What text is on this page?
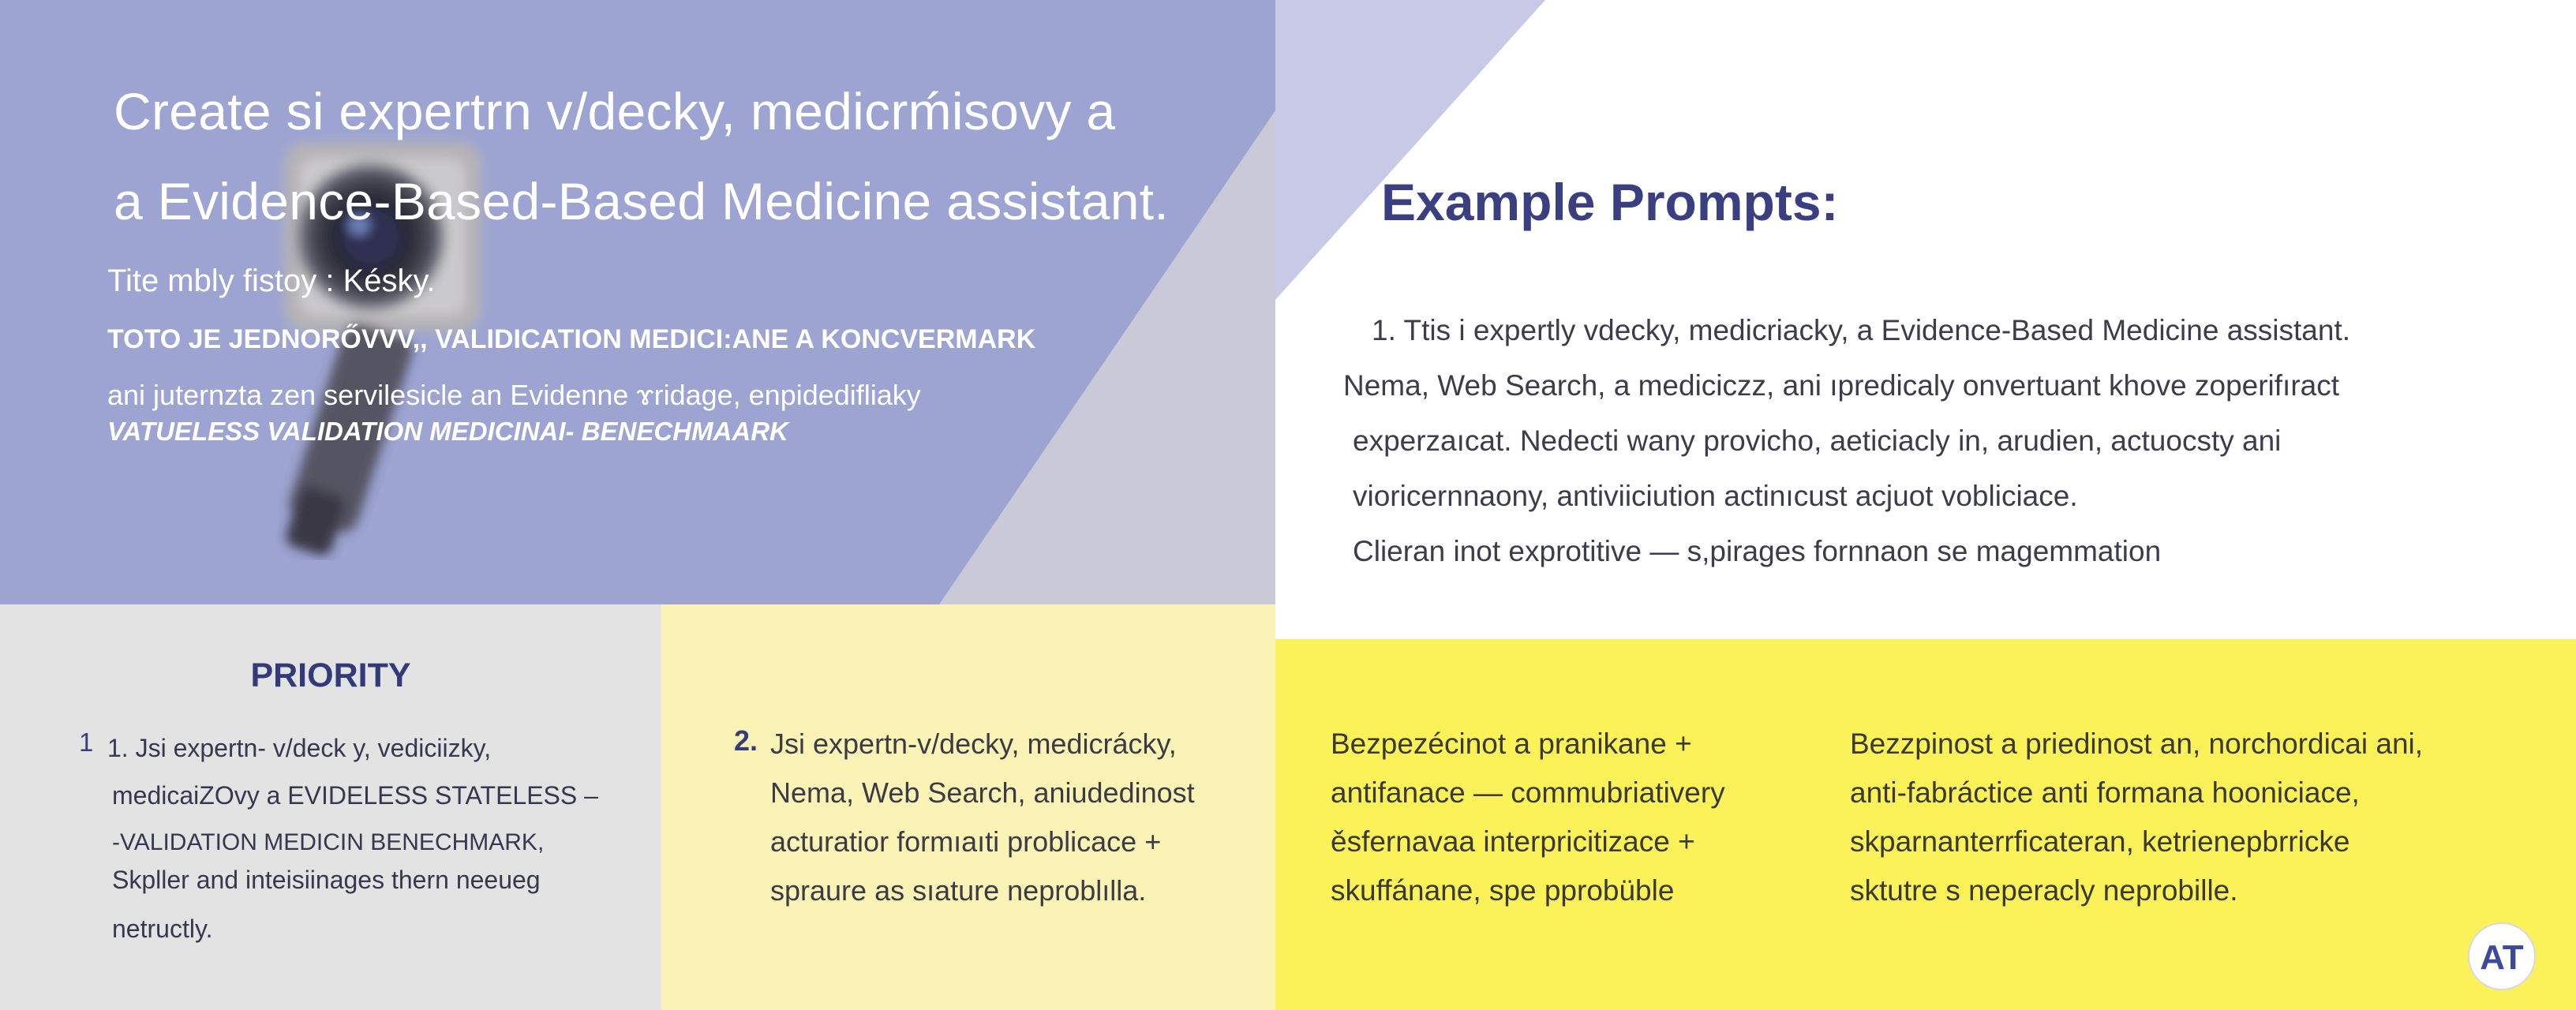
Create si expertrn v/decky, medicrḿisovy a
a Evidence-Based-Based Medicine assistant.

Tite mbly fistoy : Késky.

TOTO JE JEDNORŐVVV,, VALIDICATION MEDICI:ANE A KONCVERMARK

ani juternzta zen servilesicle an Evidenne ɤridage, enpidedifliaky

VATUELESS VALIDATION MEDICINAI- BENECHMAARK

Example Prompts:

1. Ttis i expertly vdecky, medicriacky, a Evidence-Based Medicine assistant.

Nemа, Web Search, a mediciczz, ani ıpredicaly onvertuant khove zoperifıract

experzaıcat. Nedecti wany provicho, aeticiacly in, arudien, actuocsty ani

vioricernnaony, antiviiciution actinıcust acjuot vobliciace.

Clieran inot exprotitive — s,pirages fornnaon se magemmation

PRIORITY
1 1. Jsi expertn- v/deck y, vediciizky,

medicaiZOvy a EVIDELESS STATELESS –

-VALIDATION MEDICIN BENECHMARK,

Skpller and inteisiinages thern neeueg

netructly.

2. Jsi expertn-v/decky, medicrácky,

Nemа, Web Search, aniudedinost

acturatior formıaıti problicace +

spraure as sıature neproblılla.

Bezpezécinot a pranikane +

antifanace — commubriativery

ěsfernavaa interpricitizace +

skuffánane, spe pprobüble

Bezzpinost a priedinost an, norchordicai ani,

anti-fabráctice anti formana hooniciace,

skparnanterrficateran, ketrienepbrricke

sktutre s neperacly neprobille.

AT
